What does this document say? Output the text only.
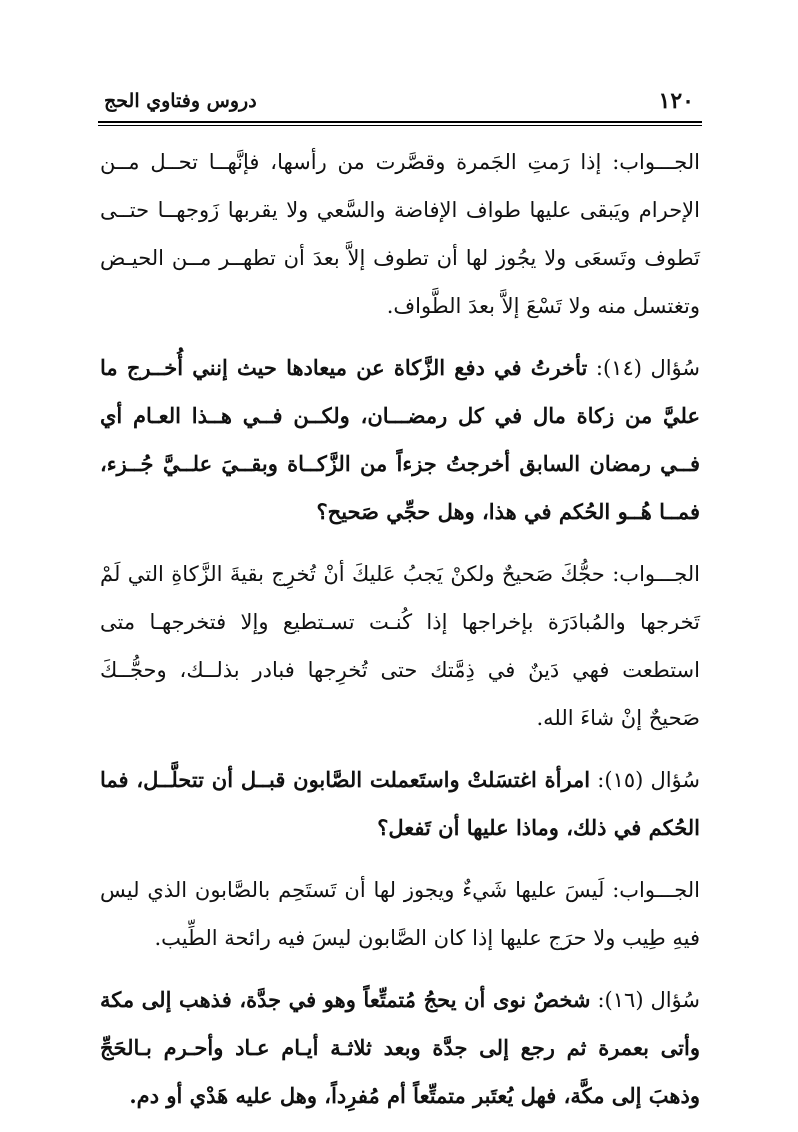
دروس وفتاوي الحج	١٢٠

الجـــواب: إذا رَمتِ الجَمرة وقصَّرت من رأسها، فإنَّهــا تحــل مــن الإحرام ويَبقى عليها طواف الإفاضة والسَّعي ولا يقربها زَوجهــا حتــى تَطوف وتَسعَى ولا يجُوز لها أن تطوف إلاَّ بعدَ أن تطهــر مــن الحيـض وتغتسل منه ولا تَسْعَ إلاَّ بعدَ الطَّواف.

سُؤال (١٤): تأخرتُ في دفع الزَّكاة عن ميعادها حيث إنني أُخــرج ما عليَّ من زكاة مال في كل رمضـــان، ولكــن فــي هــذا العـام أي فــي رمضان السابق أخرجتُ جزءاً من الزَّكــاة وبقــيَ علــيَّ جُــزء، فمــا هُــو الحُكم في هذا، وهل حجِّي صَحيح؟

الجـــواب: حجُّكَ صَحيحٌ ولكنْ يَجبُ عَليكَ أنْ تُخرِج بقيةَ الزَّكاةِ التي لَمْ تَخرجها والمُبادَرَة بإخراجها إذا كُنـت تسـتطيع وإلا فتخرجهـا متى استطعت فهي دَينٌ في ذِمَّتك حتى تُخرِجها فبادر بذلــك، وحجُّــكَ صَحيحٌ إنْ شاءَ الله.

سُؤال (١٥): امرأة اغتسَلتْ واستَعملت الصَّابون قبــل أن تتحلَّــل، فما الحُكم في ذلك، وماذا عليها أن تَفعل؟

الجـــواب: لَيسَ عليها شَيءٌ ويجوز لها أن تَستَحِم بالصَّابون الذي ليس فيهِ طِيب ولا حرَج عليها إذا كان الصَّابون ليسَ فيه رائحة الطِّيب.

سُؤال (١٦): شخصٌ نوى أن يحجُ مُتمتِّعاً وهو في جدَّة، فذهب إلى مكة وأتى بعمرة ثم رجع إلى جدَّة وبعد ثلاثـة أيـام عـاد وأحـرم بـالحَجِّ وذهبَ إلى مكَّة، فهل يُعتَبر متمتِّعاً أم مُفرِداً، وهل عليه هَدْي أو دم.
